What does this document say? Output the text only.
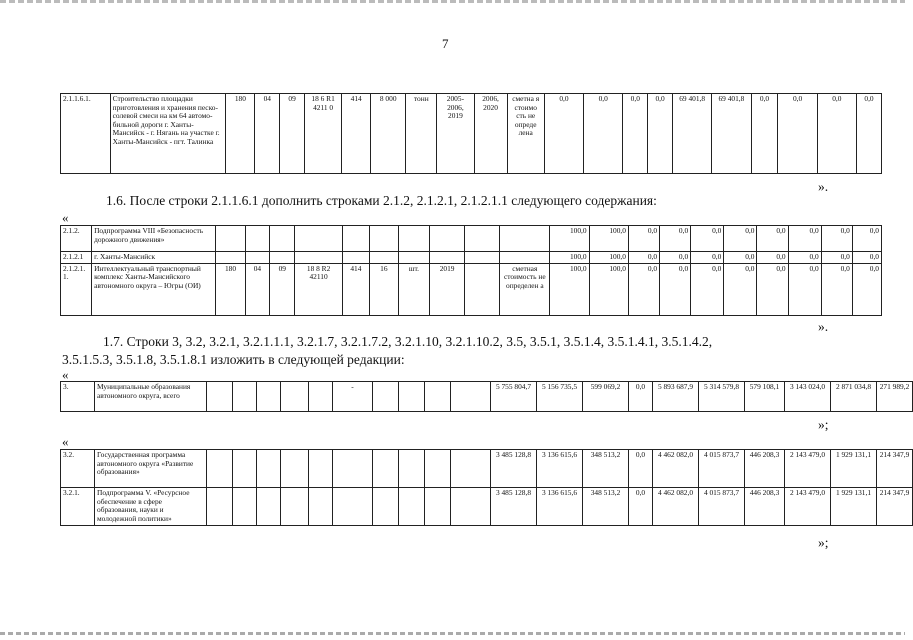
7
2.1.1.6.1.	Строительство площадки приготовления и хранения песко-солевой смеси на км 64 автомо-бильной дороги г. Ханты-Мансийск - г. Нягань на участке г. Ханты-Мансийск - пгт. Талинка	180	04	09	18 6 R1 4211 0	414	8 000	тонн	2005-2006, 2019	2006, 2020	сметна я стоимо сть не опреде лена	0,0	0,0	0,0	0,0	69 401,8	69 401,8	0,0	0,0	0,0	0,0
».
1.6. После строки 2.1.1.6.1 дополнить строками 2.1.2, 2.1.2.1, 2.1.2.1.1 следующего содержания:
«
2.1.2.	Подпрограмма VIII «Безопасность дорожного движения»											100,0	100,0	0,0	0,0	0,0	0,0	0,0	0,0	0,0	0,0
2.1.2.1	г. Ханты-Мансийск											100,0	100,0	0,0	0,0	0,0	0,0	0,0	0,0	0,0	0,0
2.1.2.1. 1.	Интеллектуальный транспортный комплекс Ханты-Мансийского автономного округа – Югры (ОИ)	180	04	09	18 8 R2 42110	414	16	шт.	2019		сметная стоимость не определен а	100,0	100,0	0,0	0,0	0,0	0,0	0,0	0,0	0,0	0,0
».
1.7. Строки 3, 3.2, 3.2.1, 3.2.1.1.1, 3.2.1.7, 3.2.1.7.2, 3.2.1.10, 3.2.1.10.2, 3.5, 3.5.1, 3.5.1.4, 3.5.1.4.1, 3.5.1.4.2,
3.5.1.5.3, 3.5.1.8, 3.5.1.8.1 изложить в следующей редакции:
«
3.	Муниципальные образования автономного округа, всего						-					5 755 804,7	5 156 735,5	599 069,2	0,0	5 893 687,9	5 314 579,8	579 108,1	3 143 024,0	2 871 034,8	271 989,2
»;
«
3.2.	Государственная программа автономного округа «Развитие образования»											3 485 128,8	3 136 615,6	348 513,2	0,0	4 462 082,0	4 015 873,7	446 208,3	2 143 479,0	1 929 131,1	214 347,9
3.2.1.	Подпрограмма V. «Ресурсное обеспечение в сфере образования, науки и молодежной политики»											3 485 128,8	3 136 615,6	348 513,2	0,0	4 462 082,0	4 015 873,7	446 208,3	2 143 479,0	1 929 131,1	214 347,9
»;
